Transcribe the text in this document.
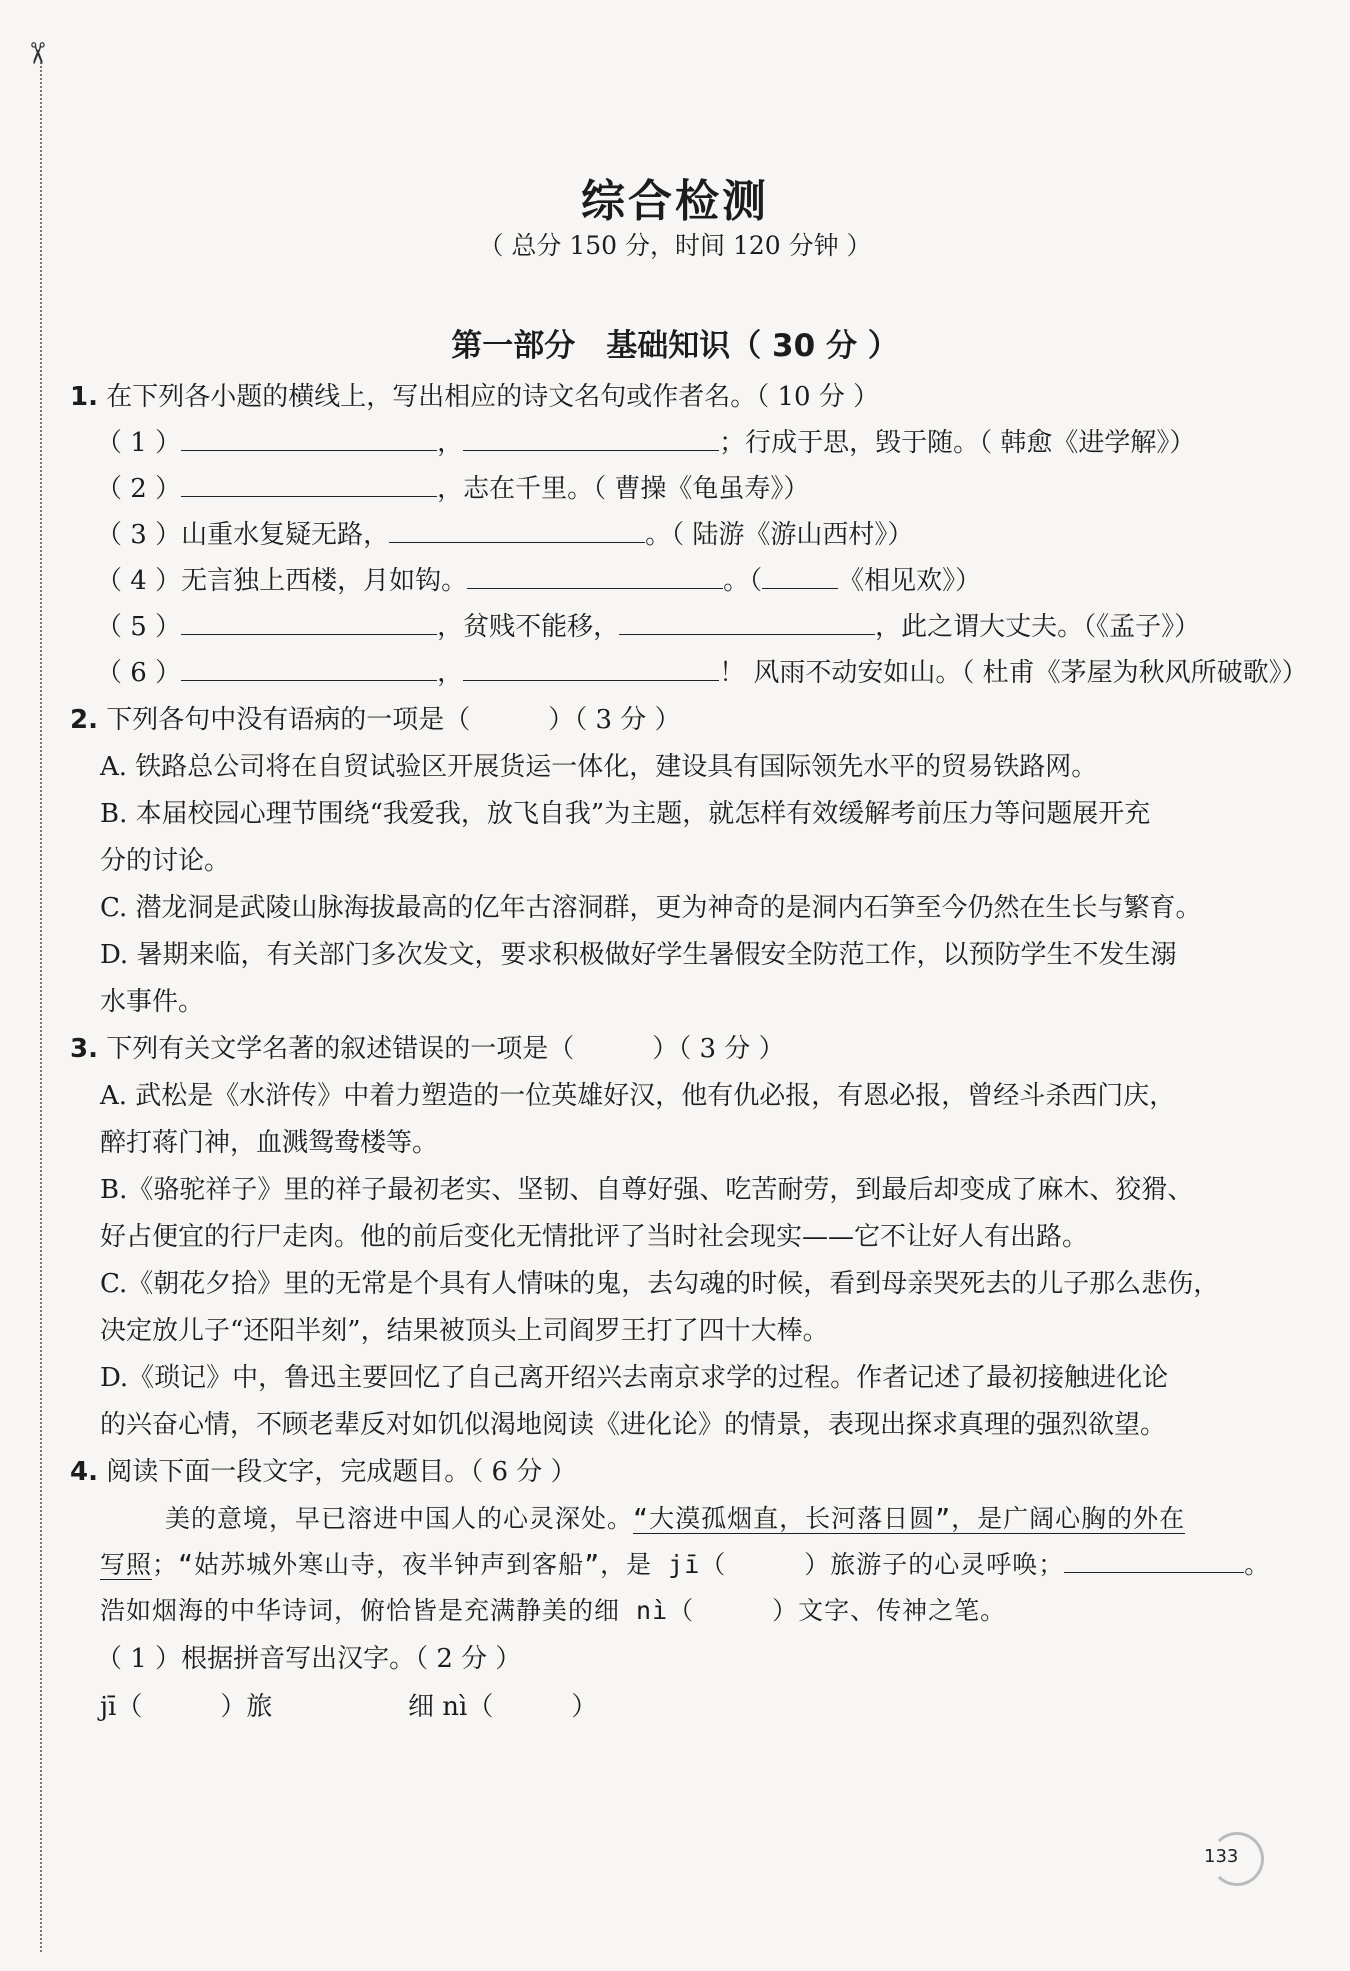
✂
综合检测
（ 总分 150 分，时间 120 分钟 ）
第一部分　基础知识（ 30 分 ）
1. 在下列各小题的横线上，写出相应的诗文名句或作者名。（ 10 分 ）
（ 1 ）	，	；行成于思，毁于随。（ 韩愈《进学解》）
（ 2 ）	，志在千里。（ 曹操《龟虽寿》）
（ 3 ）山重水复疑无路，	。（ 陆游《游山西村》）
（ 4 ）无言独上西楼，月如钩。	。（	《相见欢》）
（ 5 ）	，贫贱不能移，	，此之谓大丈夫。（《孟子》）
（ 6 ）	，	！ 风雨不动安如山。（ 杜甫《茅屋为秋风所破歌》）
2. 下列各句中没有语病的一项是（　　　）（ 3 分 ）
A. 铁路总公司将在自贸试验区开展货运一体化，建设具有国际领先水平的贸易铁路网。
B. 本届校园心理节围绕“我爱我，放飞自我”为主题，就怎样有效缓解考前压力等问题展开充
分的讨论。
C. 潜龙洞是武陵山脉海拔最高的亿年古溶洞群，更为神奇的是洞内石笋至今仍然在生长与繁育。
D. 暑期来临，有关部门多次发文，要求积极做好学生暑假安全防范工作，以预防学生不发生溺
水事件。
3. 下列有关文学名著的叙述错误的一项是（　　　）（ 3 分 ）
A. 武松是《水浒传》中着力塑造的一位英雄好汉，他有仇必报，有恩必报，曾经斗杀西门庆，
醉打蒋门神，血溅鸳鸯楼等。
B.《骆驼祥子》里的祥子最初老实、坚韧、自尊好强、吃苦耐劳，到最后却变成了麻木、狡猾、
好占便宜的行尸走肉。他的前后变化无情批评了当时社会现实——它不让好人有出路。
C.《朝花夕拾》里的无常是个具有人情味的鬼，去勾魂的时候，看到母亲哭死去的儿子那么悲伤，
决定放儿子“还阳半刻”，结果被顶头上司阎罗王打了四十大棒。
D.《琐记》中，鲁迅主要回忆了自己离开绍兴去南京求学的过程。作者记述了最初接触进化论
的兴奋心情，不顾老辈反对如饥似渴地阅读《进化论》的情景，表现出探求真理的强烈欲望。
4. 阅读下面一段文字，完成题目。（ 6 分 ）
美的意境，早已溶进中国人的心灵深处。“大漠孤烟直，长河落日圆”，是广阔心胸的外在
写照；“姑苏城外寒山寺，夜半钟声到客船”，是 jī（　　　）旅游子的心灵呼唤；	。
浩如烟海的中华诗词，俯恰皆是充满静美的细 nì（　　　）文字、传神之笔。
（ 1 ）根据拼音写出汉字。（ 2 分 ）
jī（　　　）旅	细 nì（　　　）
133
